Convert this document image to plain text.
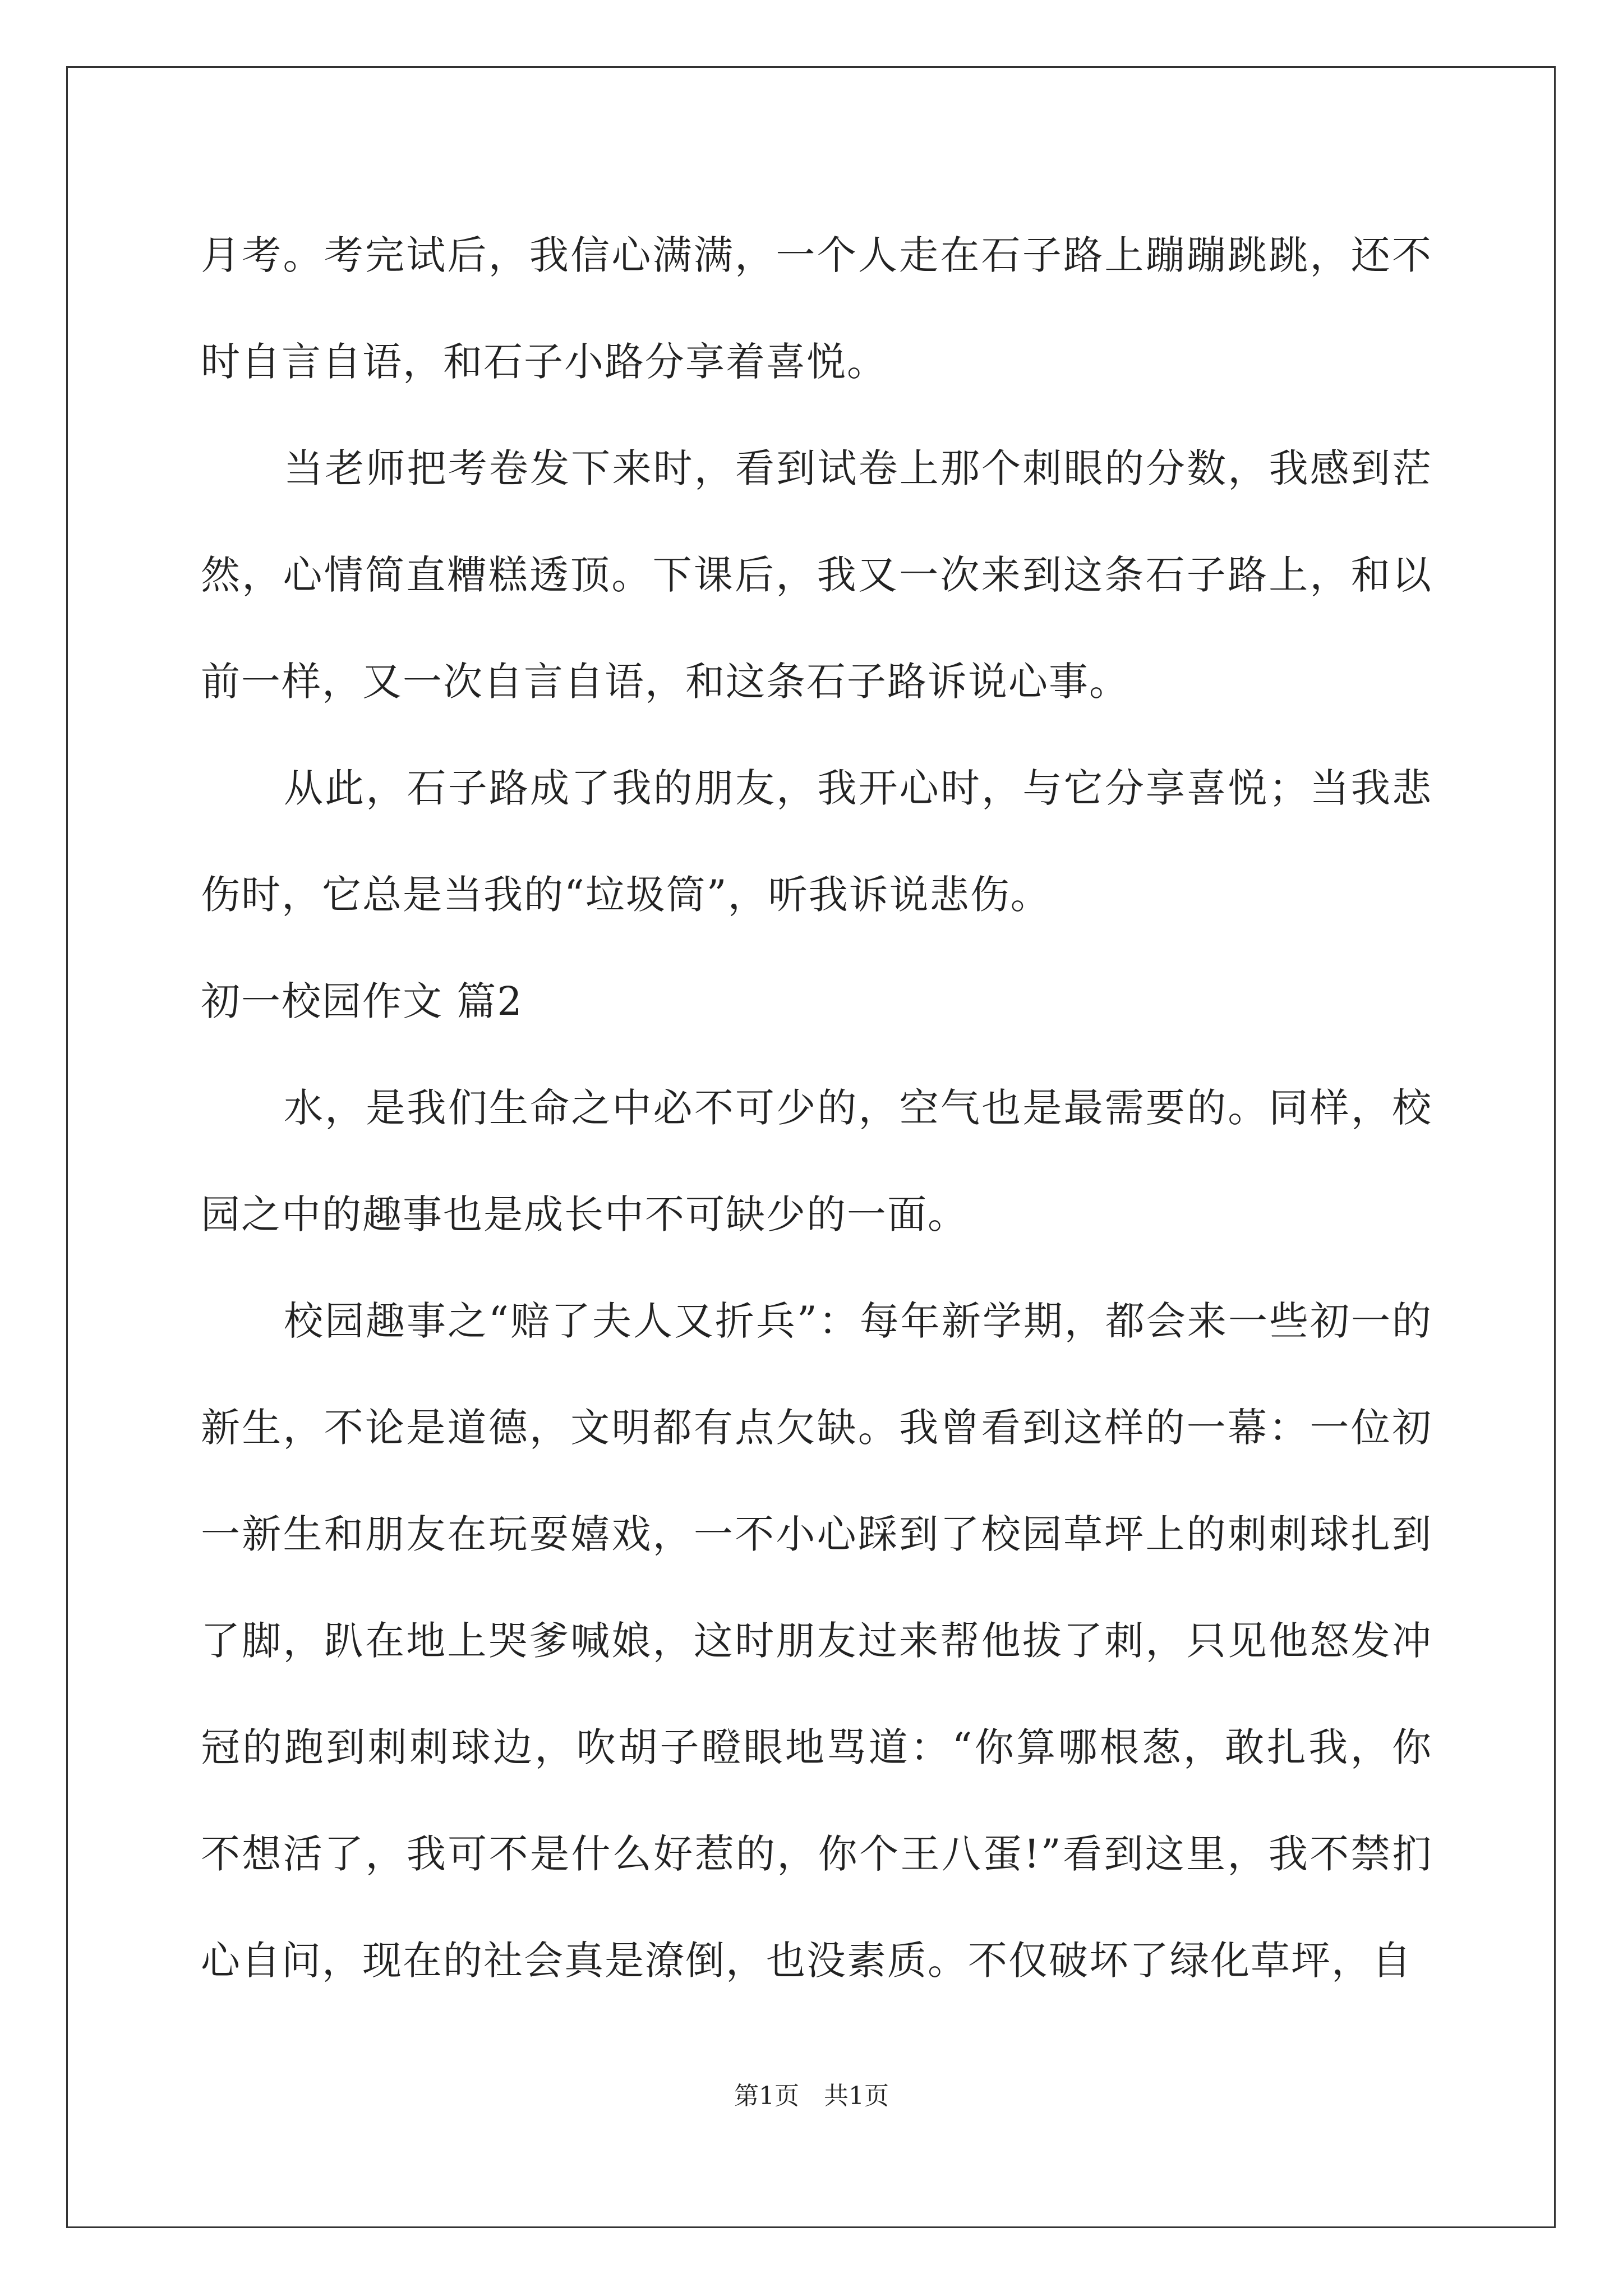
月考。考完试后，我信心满满，一个人走在石子路上蹦蹦跳跳，还不时自言自语，和石子小路分享着喜悦。

当老师把考卷发下来时，看到试卷上那个刺眼的分数，我感到茫然，心情简直糟糕透顶。下课后，我又一次来到这条石子路上，和以前一样，又一次自言自语，和这条石子路诉说心事。

从此，石子路成了我的朋友，我开心时，与它分享喜悦；当我悲伤时，它总是当我的“垃圾筒”，听我诉说悲伤。

初一校园作文 篇2

水，是我们生命之中必不可少的，空气也是最需要的。同样，校园之中的趣事也是成长中不可缺少的一面。

校园趣事之“赔了夫人又折兵”：每年新学期，都会来一些初一的新生，不论是道德，文明都有点欠缺。我曾看到这样的一幕：一位初一新生和朋友在玩耍嬉戏，一不小心踩到了校园草坪上的刺刺球扎到了脚，趴在地上哭爹喊娘，这时朋友过来帮他拔了刺，只见他怒发冲冠的跑到刺刺球边，吹胡子瞪眼地骂道：“你算哪根葱，敢扎我，你不想活了，我可不是什么好惹的，你个王八蛋!”看到这里，我不禁扪心自问，现在的社会真是潦倒，也没素质。不仅破坏了绿化草坪，自

第1页　共1页
